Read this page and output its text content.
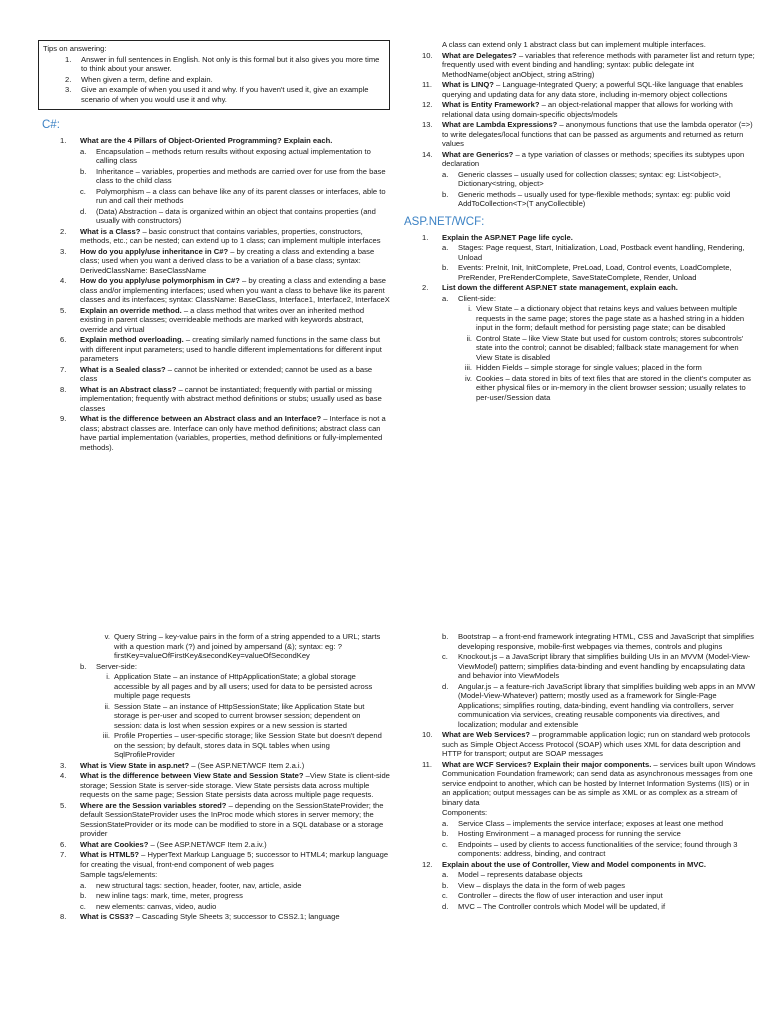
Tips on answering:
1. Answer in full sentences in English. Not only is this formal but it also gives you more time to think about your answer.
2. When given a term, define and explain.
3. Give an example of when you used it and why. If you haven't used it, give an example scenario of when you would use it and why.
C#:
1. What are the 4 Pillars of Object-Oriented Programming? Explain each.
a. Encapsulation – methods return results without exposing actual implementation to calling class
b. Inheritance – variables, properties and methods are carried over for use from the base class to the child class
c. Polymorphism – a class can behave like any of its parent classes or interfaces, able to run and call their methods
d. (Data) Abstraction – data is organized within an object that contains properties (and usually with constructors)
2. What is a Class? – basic construct that contains variables, properties, constructors, methods, etc.; can be nested; can extend up to 1 class; can implement multiple interfaces
3. How do you apply/use inheritance in C#? – by creating a class and extending a base class; used when you want a derived class to be a variation of a base class; syntax: DerivedClassName: BaseClassName
4. How do you apply/use polymorphism in C#? – by creating a class and extending a base class and/or implementing interfaces; used when you want a class to behave like its parent classes and its interfaces; syntax: ClassName: BaseClass, Interface1, Interface2, InterfaceX
5. Explain an override method. – a class method that writes over an inherited method existing in parent classes; overrideable methods are marked with keywords abstract, override and virtual
6. Explain method overloading. – creating similarly named functions in the same class but with different input parameters; used to handle different implementations for different input parameters
7. What is a Sealed class? – cannot be inherited or extended; cannot be used as a base class
8. What is an Abstract class? – cannot be instantiated; frequently with partial or missing implementation; frequently with abstract method definitions or stubs; usually used as base classes
9. What is the difference between an Abstract class and an Interface? – Interface is not a class; abstract classes are. Interface can only have method definitions; abstract class can have partial implementation (variables, properties, method definitions or fully-implemented methods).
A class can extend only 1 abstract class but can implement multiple interfaces.
10. What are Delegates? – variables that reference methods with parameter list and return type; frequently used with event binding and handling; syntax: public delegate int MethodName(object anObject, string aString)
11. What is LINQ? – Language-Integrated Query; a powerful SQL-like language that enables querying and updating data for any data store, including in-memory object collections
12. What is Entity Framework? – an object-relational mapper that allows for working with relational data using domain-specific objects/models
13. What are Lambda Expressions? – anonymous functions that use the lambda operator (=>) to write delegates/local functions that can be passed as arguments and returned as return values
14. What are Generics? – a type variation of classes or methods; specifies its subtypes upon declaration
a. Generic classes – usually used for collection classes; syntax: eg: List<object>, Dictionary<string, object>
b. Generic methods – usually used for type-flexible methods; syntax: eg: public void AddToCollection<T>(T anyCollectible)
ASP.NET/WCF:
1. Explain the ASP.NET Page life cycle.
a. Stages: Page request, Start, Initialization, Load, Postback event handling, Rendering, Unload
b. Events: PreInit, Init, InitComplete, PreLoad, Load, Control events, LoadComplete, PreRender, PreRenderComplete, SaveStateComplete, Render, Unload
2. List down the different ASP.NET state management, explain each.
a. Client-side:
i. View State – a dictionary object that retains keys and values between multiple requests in the same page; stores the page state as a hashed string in a hidden input in the form; default method for persisting page state; can be disabled
ii. Control State – like View State but used for custom controls; stores subcontrols' state into the control; cannot be disabled; fallback state management for when View State is disabled
iii. Hidden Fields – simple storage for single values; placed in the form
iv. Cookies – data stored in bits of text files that are stored in the client's computer as either physical files or in-memory in the client browser session; usually relates to per-user/Session data
v. Query String – key-value pairs in the form of a string appended to a URL; starts with a question mark (?) and joined by ampersand (&); syntax: eg: ?firstKey=valueOfFirstKey&secondKey=valueOfSecondKey
b. Server-side:
i. Application State – an instance of HttpApplicationState; a global storage accessible by all pages and by all users; used for data to be persisted across multiple page requests
ii. Session State – an instance of HttpSessionState; like Application State but storage is per-user and scoped to current browser session; dependent on session: data is lost when session expires or a new session is started
iii. Profile Properties – user-specific storage; like Session State but doesn't depend on the session; by default, stores data in SQL tables when using SqlProfileProvider
3. What is View State in asp.net? – (See ASP.NET/WCF Item 2.a.i.)
4. What is the difference between View State and Session State? –View State is client-side storage; Session State is server-side storage. View State persists data across multiple requests on the same page; Session State persists data across multiple page requests.
5. Where are the Session variables stored? – depending on the SessionStateProvider; the default SessionStateProvider uses the InProc mode which stores in server memory; the SessionStateProvider or its mode can be modified to store in a SQL database or a storage provider
6. What are Cookies? – (See ASP.NET/WCF Item 2.a.iv.)
7. What is HTML5? – HyperText Markup Language 5; successor to HTML4; markup language for creating the visual, front-end component of web pages
Sample tags/elements:
a. new structural tags: section, header, footer, nav, article, aside
b. new inline tags: mark, time, meter, progress
c. new elements: canvas, video, audio
8. What is CSS3? – Cascading Style Sheets 3; successor to CSS2.1; language
b. Bootstrap – a front-end framework integrating HTML, CSS and JavaScript that simplifies developing responsive, mobile-first webpages via themes, controls and plugins
c. Knockout.js – a JavaScript library that simplifies building UIs in an MVVM (Model-View-ViewModel) pattern; simplifies data-binding and event handling by encapsulating data and behavior into ViewModels
d. Angular.js – a feature-rich JavaScript library that simplifies building web apps in an MVW (Model-View-Whatever) pattern; mostly used as a framework for Single-Page Applications; simplifies routing, data-binding, event handling via controllers, server communication via services, creating reusable components via directives, and localization; modular and extensible
10. What are Web Services? – programmable application logic; run on standard web protocols such as Simple Object Access Protocol (SOAP) which uses XML for data description and HTTP for transport; output are SOAP messages
11. What are WCF Services? Explain their major components. – services built upon Windows Communication Foundation framework; can send data as asynchronous messages from one service endpoint to another, which can be hosted by Internet Information Systems (IIS) or in an application; output messages can be as simple as XML or as complex as a stream of binary data
Components:
a. Service Class – implements the service interface; exposes at least one method
b. Hosting Environment – a managed process for running the service
c. Endpoints – used by clients to access functionalities of the service; found through 3 components: address, binding, and contract
12. Explain about the use of Controller, View and Model components in MVC.
a. Model – represents database objects
b. View – displays the data in the form of web pages
c. Controller – directs the flow of user interaction and user input
d. MVC – The Controller controls which Model will be updated, if
